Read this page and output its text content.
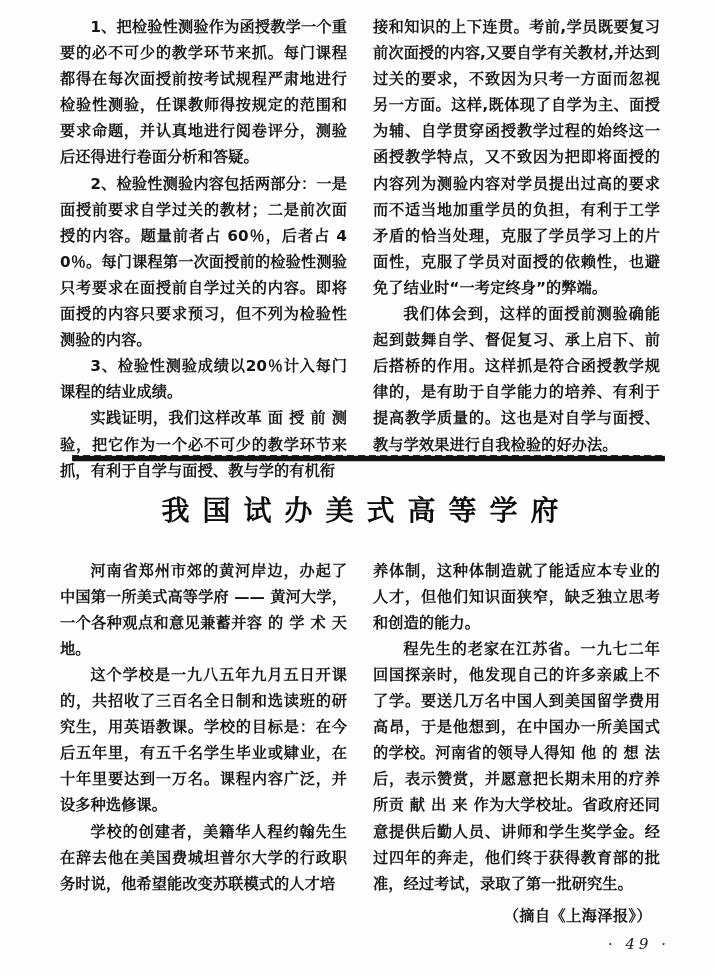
1、把检验性测验作为函授教学一个重要的必不可少的教学环节来抓。每门课程都得在每次面授前按考试规程严肃地进行检验性测验，任课教师得按规定的范围和要求命题，并认真地进行阅卷评分，测验后还得进行卷面分析和答疑。

2、检验性测验内容包括两部分：一是面授前要求自学过关的教材；二是前次面授的内容。题量前者占 60％，后者占 40％。每门课程第一次面授前的检验性测验只考要求在面授前自学过关的内容。即将面授的内容只要求预习，但不列为检验性测验的内容。

3、检验性测验成绩以20％计入每门课程的结业成绩。

实践证明，我们这样改革 面 授 前 测验，把它作为一个必不可少的教学环节来抓，有利于自学与面授、教与学的有机衔

接和知识的上下连贯。考前,学员既要复习前次面授的内容,又要自学有关教材,并达到过关的要求，不致因为只考一方面而忽视另一方面。这样,既体现了自学为主、面授为辅、自学贯穿函授教学过程的始终这一函授教学特点，又不致因为把即将面授的内容列为测验内容对学员提出过高的要求而不适当地加重学员的负担，有利于工学矛盾的恰当处理，克服了学员学习上的片面性，克服了学员对面授的依赖性，也避免了结业时“一考定终身”的弊端。

我们体会到，这样的面授前测验确能起到鼓舞自学、督促复习、承上启下、前后搭桥的作用。这样抓是符合函授教学规律的，是有助于自学能力的培养、有利于提高教学质量的。这也是对自学与面授、教与学效果进行自我检验的好办法。

我国试办美式高等学府

河南省郑州市郊的黄河岸边，办起了中国第一所美式高等学府 —— 黄河大学，一个各种观点和意见兼蓄并容 的 学 术 天地。

这个学校是一九八五年九月五日开课的，共招收了三百名全日制和选读班的研究生，用英语教课。学校的目标是：在今后五年里，有五千名学生毕业或肄业，在十年里要达到一万名。课程内容广泛，并设多种选修课。

学校的创建者，美籍华人程约翰先生在辞去他在美国费城坦普尔大学的行政职务时说，他希望能改变苏联模式的人才培

养体制，这种体制造就了能适应本专业的人才，但他们知识面狭窄，缺乏独立思考和创造的能力。

程先生的老家在江苏省。一九七二年回国探亲时，他发现自己的许多亲戚上不了学。要送几万名中国人到美国留学费用高昂，于是他想到，在中国办一所美国式的学校。河南省的领导人得知 他 的 想 法后，表示赞赏，并愿意把长期未用的疗养所贡 献 出 来 作为大学校址。省政府还同意提供后勤人员、讲师和学生奖学金。经过四年的奔走，他们终于获得教育部的批准，经过考试，录取了第一批研究生。

（摘自《上海泽报》）

· 49 ·
